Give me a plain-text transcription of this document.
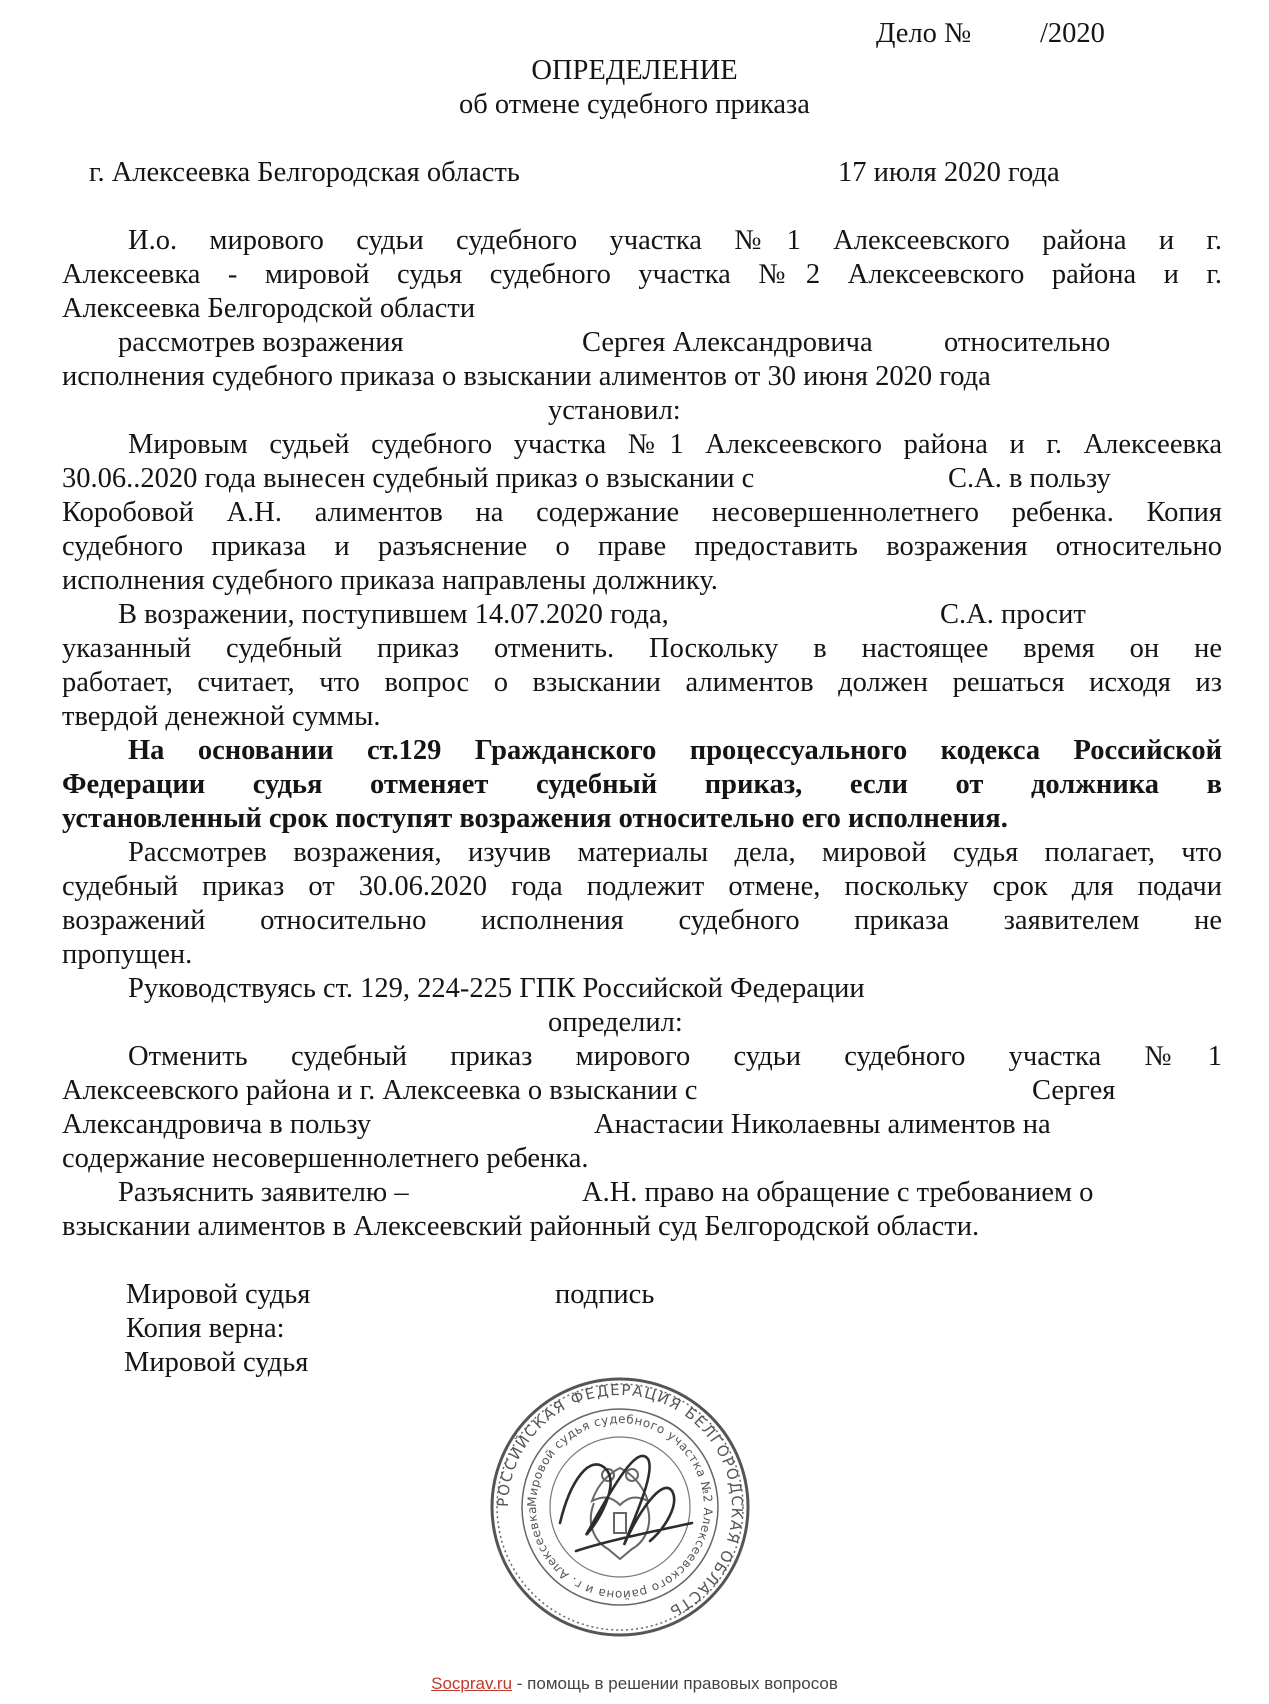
Дело № /2020
ОПРЕДЕЛЕНИЕ
об отмене судебного приказа
г. Алексеевка Белгородская область	17 июля 2020 года
И.о. мирового судьи судебного участка №1 Алексеевского района и г.
Алексеевка - мировой судья судебного участка №2 Алексеевского района и г.
Алексеевка Белгородской области
рассмотрев возражения	Сергея Александровича	относительно
исполнения судебного приказа о взыскании алиментов от 30 июня 2020 года
установил:
Мировым судьей судебного участка №1 Алексеевского района и г. Алексеевка
30.06..2020 года вынесен судебный приказ о взыскании с	С.А. в пользу
Коробовой А.Н. алиментов на содержание несовершеннолетнего ребенка. Копия
судебного приказа и разъяснение о праве предоставить возражения относительно
исполнения судебного приказа направлены должнику.
В возражении, поступившем 14.07.2020 года,	С.А. просит
указанный судебный приказ отменить. Поскольку в настоящее время он не
работает, считает, что вопрос о взыскании алиментов должен решаться исходя из
твердой денежной суммы.
На основании ст.129 Гражданского процессуального кодекса Российской
Федерации судья отменяет судебный приказ, если от должника в
установленный срок поступят возражения относительно его исполнения.
Рассмотрев возражения, изучив материалы дела, мировой судья полагает, что
судебный приказ от 30.06.2020 года подлежит отмене, поскольку срок для подачи
возражений относительно исполнения судебного приказа заявителем не
пропущен.
Руководствуясь ст. 129, 224-225 ГПК Российской Федерации
определил:
Отменить судебный приказ мирового судьи судебного участка №1
Алексеевского района и г. Алексеевка о взыскании с	Сергея
Александровича в пользу	Анастасии Николаевны алиментов на
содержание несовершеннолетнего ребенка.
Разъяснить заявителю –	А.Н. право на обращение с требованием о
взыскании алиментов в Алексеевский районный суд Белгородской области.
Мировой судья
Копия верна:
Мировой судья
подпись
РОССИЙСКАЯ ФЕДЕРАЦИЯ БЕЛГОРОДСКАЯ ОБЛАСТЬ
Мировой судья судебного участка №2 Алексеевского района и г. Алексеевка
Socprav.ru - помощь в решении правовых вопросов
